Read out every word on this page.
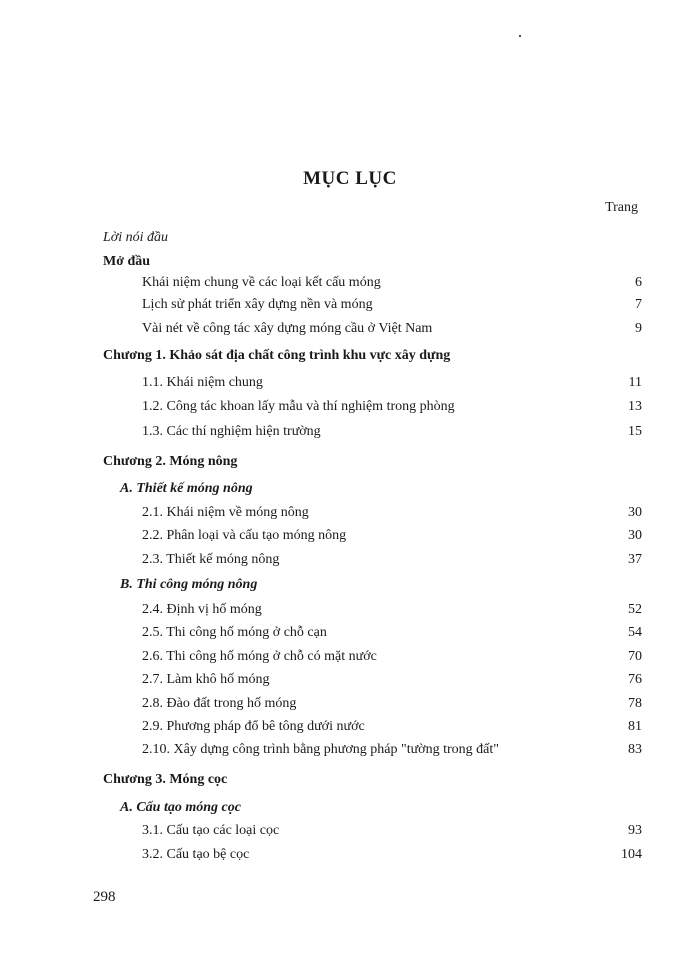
MỤC LỤC
Trang
Lời nói đầu
Mở đầu
Khái niệm chung về các loại kết cấu móng	6
Lịch sử phát triển xây dựng nền và móng	7
Vài nét về công tác xây dựng móng cầu ở Việt Nam	9
Chương 1. Khảo sát địa chất công trình khu vực xây dựng
1.1. Khái niệm chung	11
1.2. Công tác khoan lấy mẫu và thí nghiệm trong phòng	13
1.3. Các thí nghiệm hiện trường	15
Chương 2. Móng nông
A. Thiết kế móng nông
2.1. Khái niệm về móng nông	30
2.2. Phân loại và cấu tạo móng nông	30
2.3. Thiết kế móng nông	37
B. Thi công móng nông
2.4. Định vị hố móng	52
2.5. Thi công hố móng ở chỗ cạn	54
2.6. Thi công hố móng ở chỗ có mặt nước	70
2.7. Làm khô hố móng	76
2.8. Đào đất trong hố móng	78
2.9. Phương pháp đổ bê tông dưới nước	81
2.10. Xây dựng công trình bằng phương pháp "tường trong đất"	83
Chương 3. Móng cọc
A. Cấu tạo móng cọc
3.1. Cấu tạo các loại cọc	93
3.2. Cấu tạo bệ cọc	104
298
